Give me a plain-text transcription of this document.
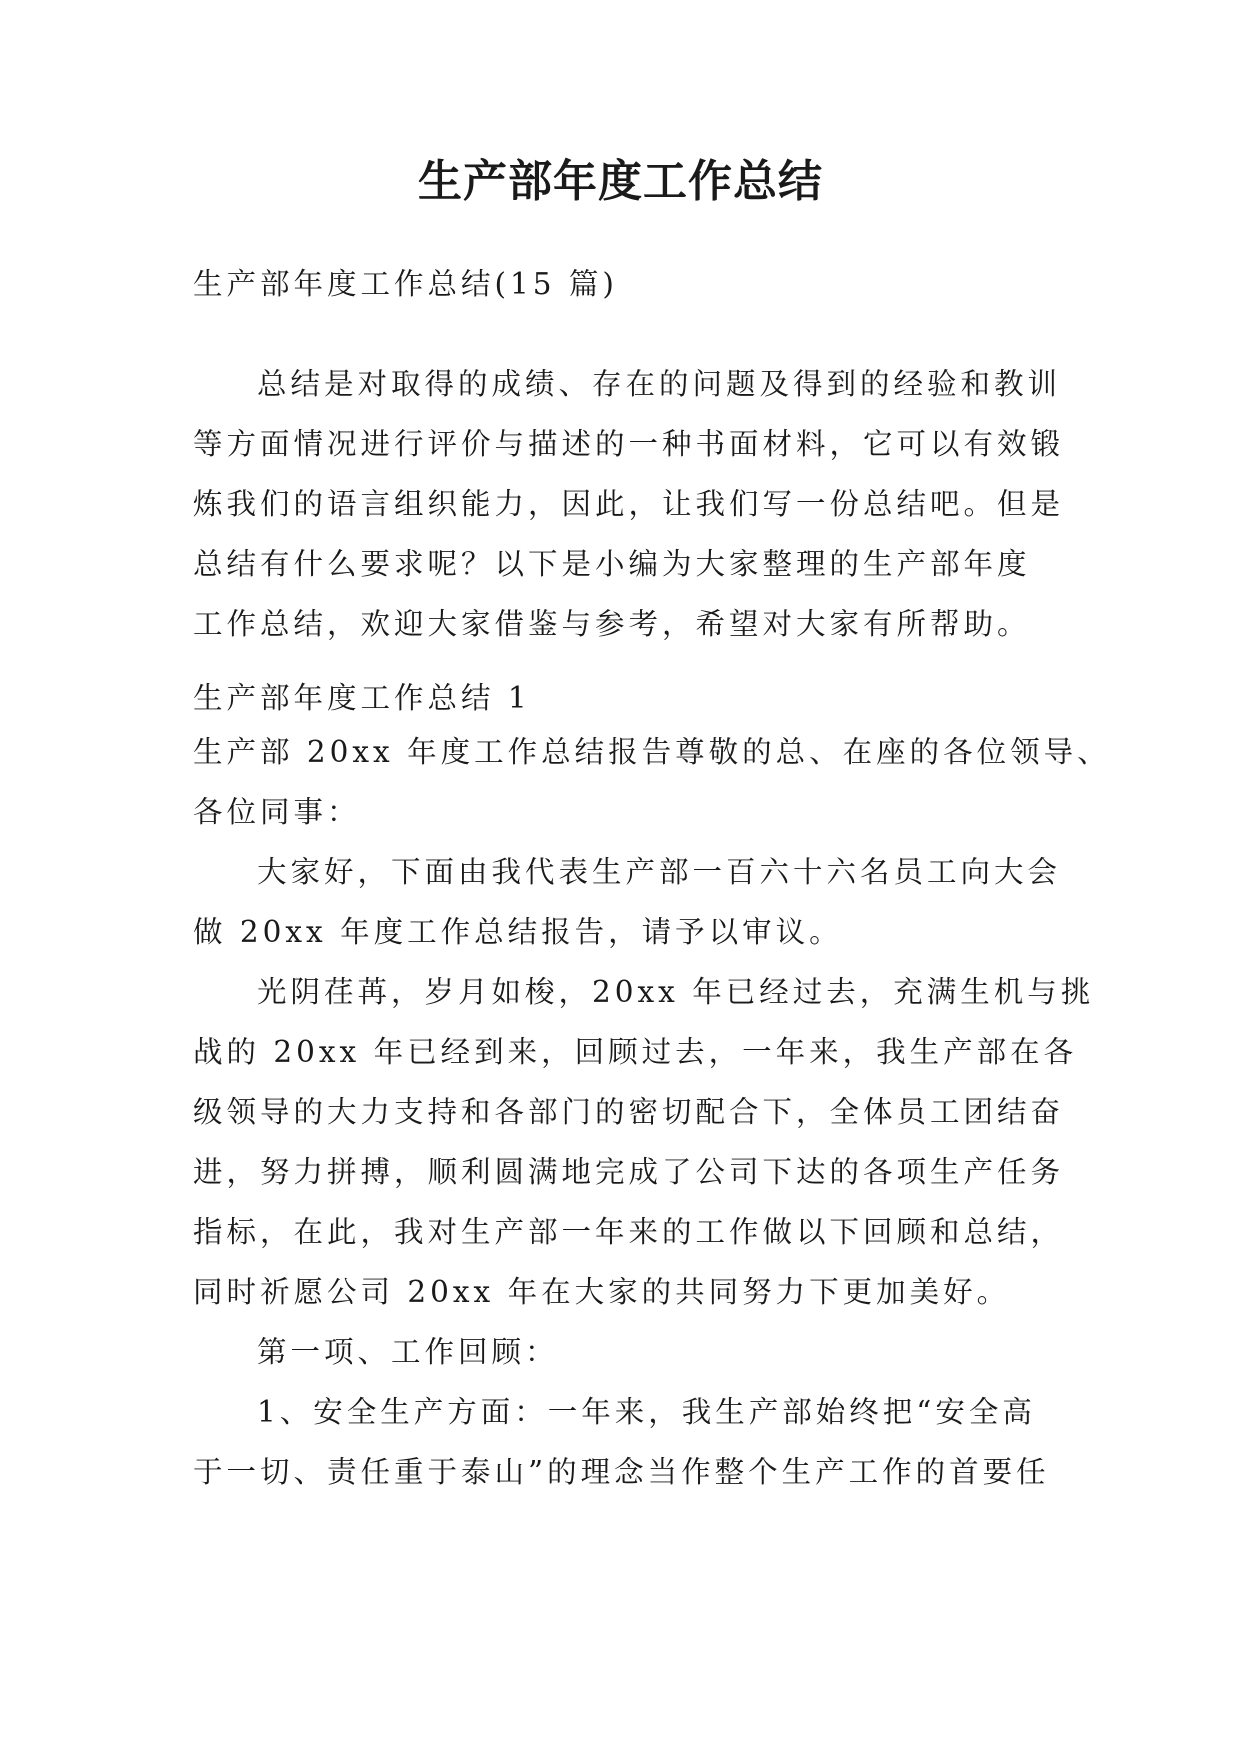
生产部年度工作总结

生产部年度工作总结(15 篇)

总结是对取得的成绩、存在的问题及得到的经验和教训
等方面情况进行评价与描述的一种书面材料，它可以有效锻
炼我们的语言组织能力，因此，让我们写一份总结吧。但是
总结有什么要求呢？以下是小编为大家整理的生产部年度
工作总结，欢迎大家借鉴与参考，希望对大家有所帮助。

生产部年度工作总结 1

生产部 20xx 年度工作总结报告尊敬的总、在座的各位领导、
各位同事：
大家好，下面由我代表生产部一百六十六名员工向大会
做 20xx 年度工作总结报告，请予以审议。
光阴荏苒，岁月如梭，20xx 年已经过去，充满生机与挑
战的 20xx 年已经到来，回顾过去，一年来，我生产部在各
级领导的大力支持和各部门的密切配合下，全体员工团结奋
进，努力拼搏，顺利圆满地完成了公司下达的各项生产任务
指标，在此，我对生产部一年来的工作做以下回顾和总结，
同时祈愿公司 20xx 年在大家的共同努力下更加美好。
第一项、工作回顾：
1、安全生产方面：一年来，我生产部始终把“安全高
于一切、责任重于泰山”的理念当作整个生产工作的首要任
